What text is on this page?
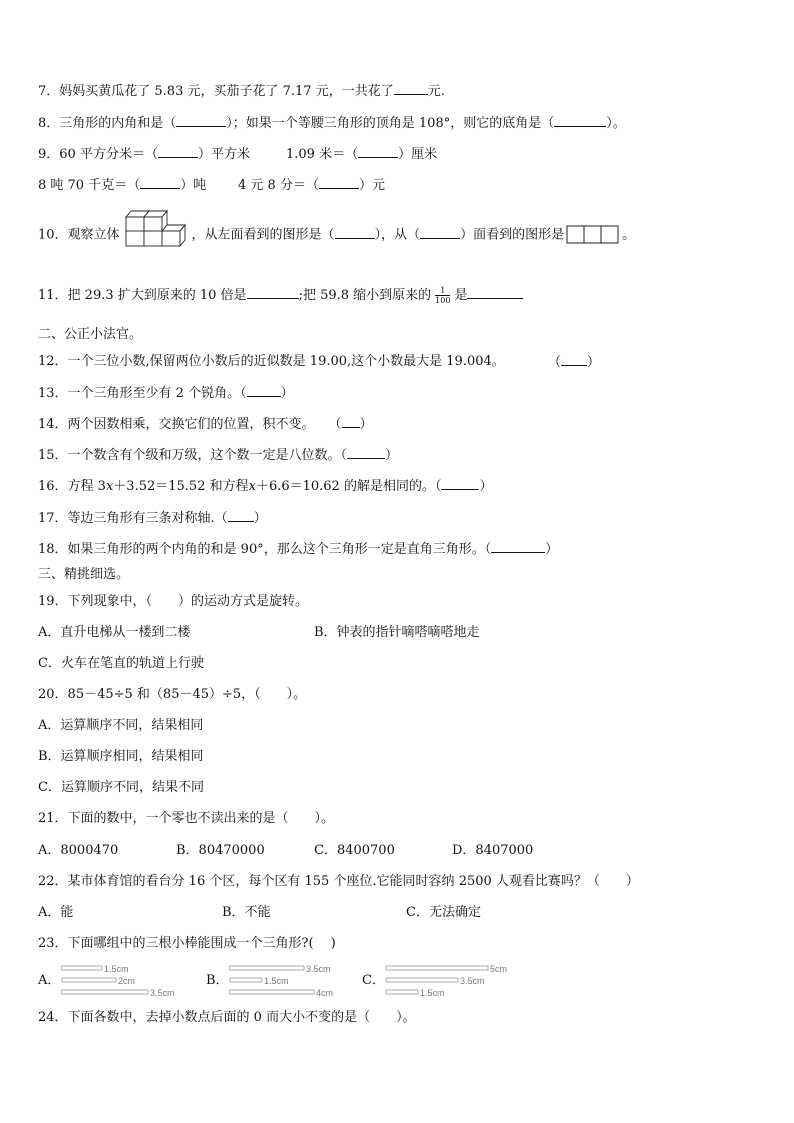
7．妈妈买黄瓜花了 5.83 元，买茄子花了 7.17 元，一共花了	元.
8．三角形的内角和是（	）；如果一个等腰三角形的顶角是 108°，则它的底角是（	）。
9．60 平方分米＝（	）平方米	1.09 米＝（	）厘米
8 吨 70 千克＝（	）吨 4 元 8 分＝（	）元
10．观察立体	，从左面看到的图形是（	），从（	）面看到的图形是	。
11．把 29.3 扩大到原来的 10 倍是	;把 59.8 缩小到原来的 $\frac{1}{100}$ 是
二、公正小法官。
12．一个三位小数,保留两位小数后的近似数是 19.00,这个小数最大是 19.004。	（ ）
13．一个三角形至少有 2 个锐角。（	）
14．两个因数相乘，交换它们的位置，积不变。 （ ）
15．一个数含有个级和万级，这个数一定是八位数。（	）
16．方程 3x＋3.52＝15.52 和方程x＋6.6＝10.62 的解是相同的。（	）
17．等边三角形有三条对称轴.（ ）
18．如果三角形的两个内角的和是 90°，那么这个三角形一定是直角三角形。（	）
三、精挑细选。
19．下列现象中，（　　）的运动方式是旋转。
A．直升电梯从一楼到二楼	B．钟表的指针嘀嗒嘀嗒地走
C．火车在笔直的轨道上行驶
20．85－45÷5 和（85－45）÷5，（　　）。
A．运算顺序不同，结果相同
B．运算顺序相同，结果相同
C．运算顺序不同，结果不同
21．下面的数中，一个零也不读出来的是（　　）。
A．8000470	B．80470000	C．8400700	D．8407000
22．某市体育馆的看台分 16 个区，每个区有 155 个座位.它能同时容纳 2500 人观看比赛吗？（　　）
A．能	B．不能	C．无法确定
23．下面哪组中的三根小棒能围成一个三角形?(　 )
A．
1.5cm
2cm
3.5cm
B．
3.5cm
1.5cm
4cm
C．
5cm
3.5cm
1.5cm
24．下面各数中，去掉小数点后面的 0 而大小不变的是（　　）。
